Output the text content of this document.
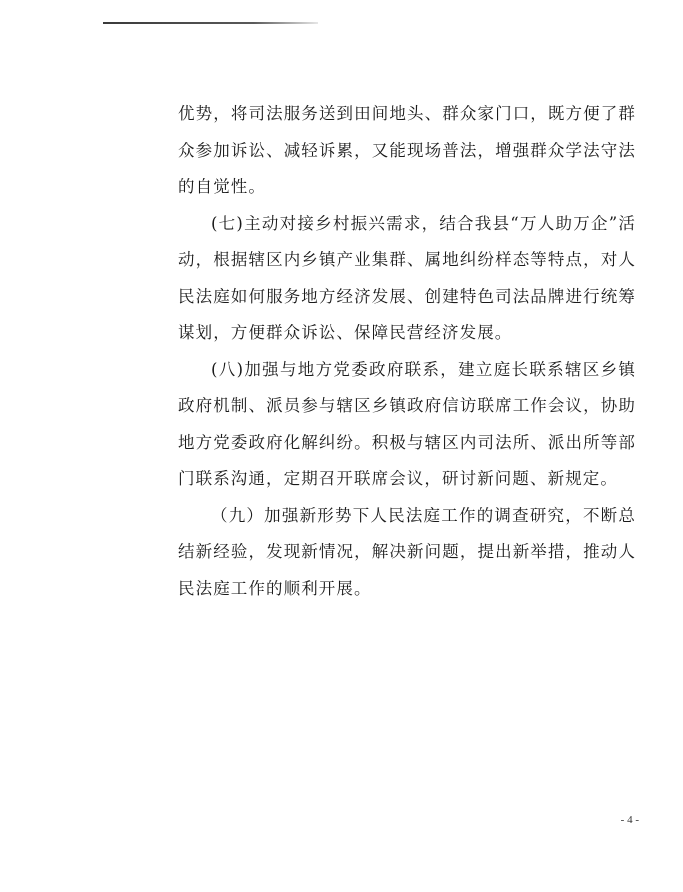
优势，将司法服务送到田间地头、群众家门口，既方便了群众参加诉讼、减轻诉累，又能现场普法，增强群众学法守法的自觉性。

(七)主动对接乡村振兴需求，结合我县“万人助万企”活动，根据辖区内乡镇产业集群、属地纠纷样态等特点，对人民法庭如何服务地方经济发展、创建特色司法品牌进行统筹谋划，方便群众诉讼、保障民营经济发展。

(八)加强与地方党委政府联系，建立庭长联系辖区乡镇政府机制、派员参与辖区乡镇政府信访联席工作会议，协助地方党委政府化解纠纷。积极与辖区内司法所、派出所等部门联系沟通，定期召开联席会议，研讨新问题、新规定。

（九）加强新形势下人民法庭工作的调查研究，不断总结新经验，发现新情况，解决新问题，提出新举措，推动人民法庭工作的顺利开展。

- 4 -
